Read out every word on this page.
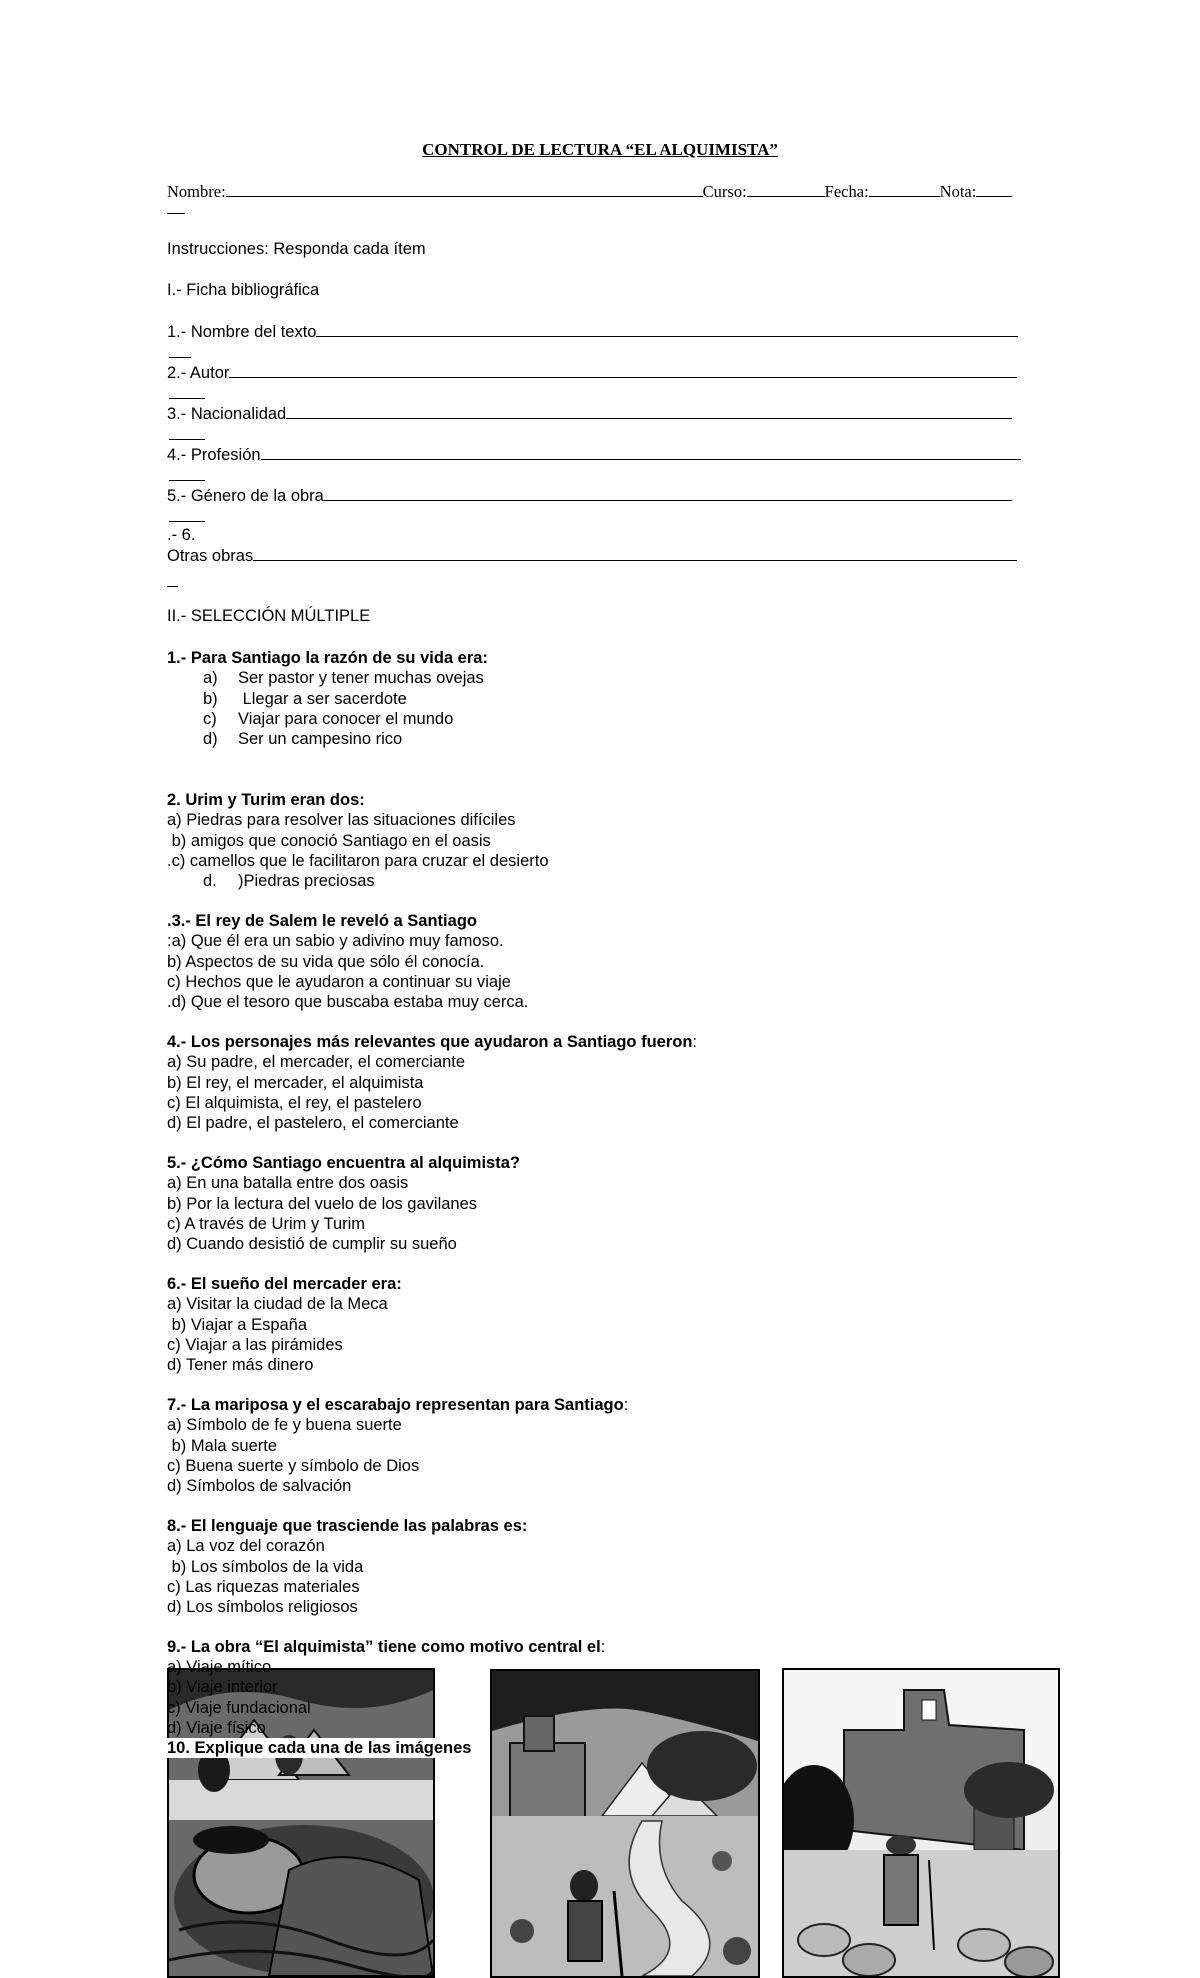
CONTROL DE LECTURA “EL ALQUIMISTA”
Nombre:	Curso:	Fecha:	Nota:
Instrucciones: Responda cada ítem
I.- Ficha bibliográfica
1.- Nombre del texto
2.- Autor
3.- Nacionalidad
4.- Profesión
5.- Género de la obra
.- 6.
Otras obras
II.- SELECCIÓN MÚLTIPLE
1.- Para Santiago la razón de su vida era:
a) Ser pastor y tener muchas ovejas
b) Llegar a ser sacerdote
c) Viajar para conocer el mundo
d) Ser un campesino rico
2. Urim y Turim eran dos:
a) Piedras para resolver las situaciones difíciles
b) amigos que conoció Santiago en el oasis
.c) camellos que le facilitaron para cruzar el desierto
d. )Piedras preciosas
.3.- El rey de Salem le reveló a Santiago
:a) Que él era un sabio y adivino muy famoso.
b) Aspectos de su vida que sólo él conocía.
c) Hechos que le ayudaron a continuar su viaje
.d) Que el tesoro que buscaba estaba muy cerca.
4.- Los personajes más relevantes que ayudaron a Santiago fueron:
a) Su padre, el mercader, el comerciante
b) El rey, el mercader, el alquimista
c) El alquimista, el rey, el pastelero
d) El padre, el pastelero, el comerciante
5.- ¿Cómo Santiago encuentra al alquimista?
a) En una batalla entre dos oasis
b) Por la lectura del vuelo de los gavilanes
c) A través de Urim y Turim
d) Cuando desistió de cumplir su sueño
6.- El sueño del mercader era:
a) Visitar la ciudad de la Meca
b) Viajar a España
c) Viajar a las pirámides
d) Tener más dinero
7.- La mariposa y el escarabajo representan para Santiago:
a) Símbolo de fe y buena suerte
b) Mala suerte
c) Buena suerte y símbolo de Dios
d) Símbolos de salvación
8.- El lenguaje que trasciende las palabras es:
a) La voz del corazón
b) Los símbolos de la vida
c) Las riquezas materiales
d) Los símbolos religiosos
9.- La obra “El alquimista” tiene como motivo central el:
a) Viaje mítico
b) Viaje interior
c) Viaje fundacional
d) Viaje físico
10. Explique cada una de las imágenes
